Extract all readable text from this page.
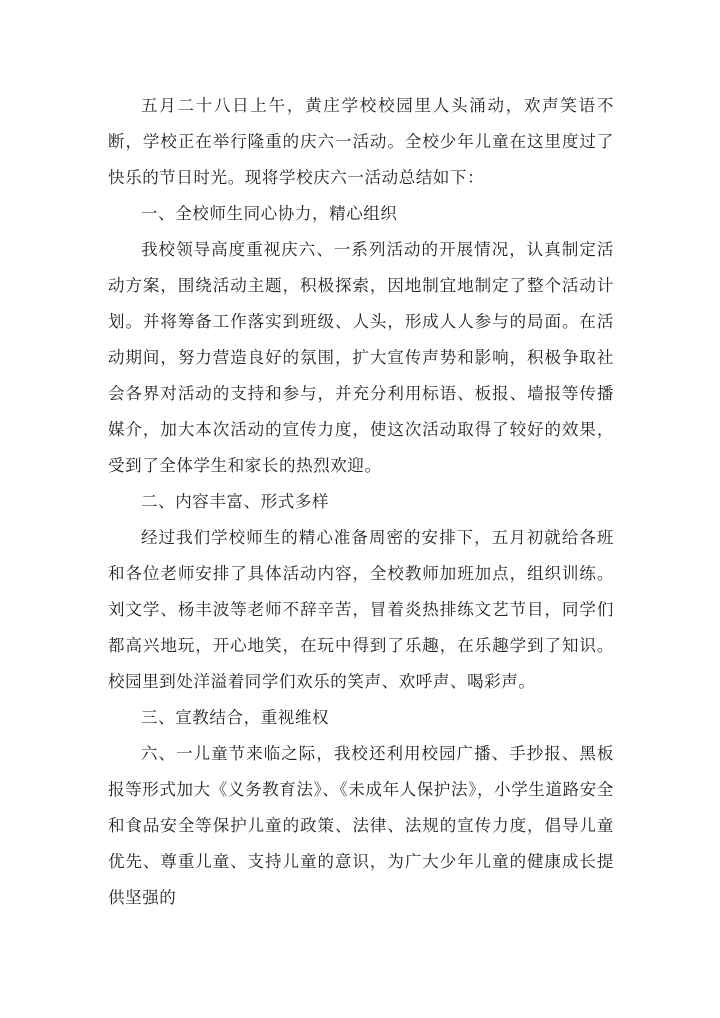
五月二十八日上午，黄庄学校校园里人头涌动，欢声笑语不断，学校正在举行隆重的庆六一活动。全校少年儿童在这里度过了快乐的节日时光。现将学校庆六一活动总结如下：

一、全校师生同心协力，精心组织

我校领导高度重视庆六、一系列活动的开展情况，认真制定活动方案，围绕活动主题，积极探索，因地制宜地制定了整个活动计划。并将筹备工作落实到班级、人头，形成人人参与的局面。在活动期间，努力营造良好的氛围，扩大宣传声势和影响，积极争取社会各界对活动的支持和参与，并充分利用标语、板报、墙报等传播媒介，加大本次活动的宣传力度，使这次活动取得了较好的效果，受到了全体学生和家长的热烈欢迎。

二、内容丰富、形式多样

经过我们学校师生的精心准备周密的安排下，五月初就给各班和各位老师安排了具体活动内容，全校教师加班加点，组织训练。刘文学、杨丰波等老师不辞辛苦，冒着炎热排练文艺节目，同学们都高兴地玩，开心地笑，在玩中得到了乐趣，在乐趣学到了知识。校园里到处洋溢着同学们欢乐的笑声、欢呼声、喝彩声。

三、宣教结合，重视维权

六、一儿童节来临之际，我校还利用校园广播、手抄报、黑板报等形式加大《义务教育法》、《未成年人保护法》，小学生道路安全和食品安全等保护儿童的政策、法律、法规的宣传力度，倡导儿童优先、尊重儿童、支持儿童的意识，为广大少年儿童的健康成长提供坚强的
